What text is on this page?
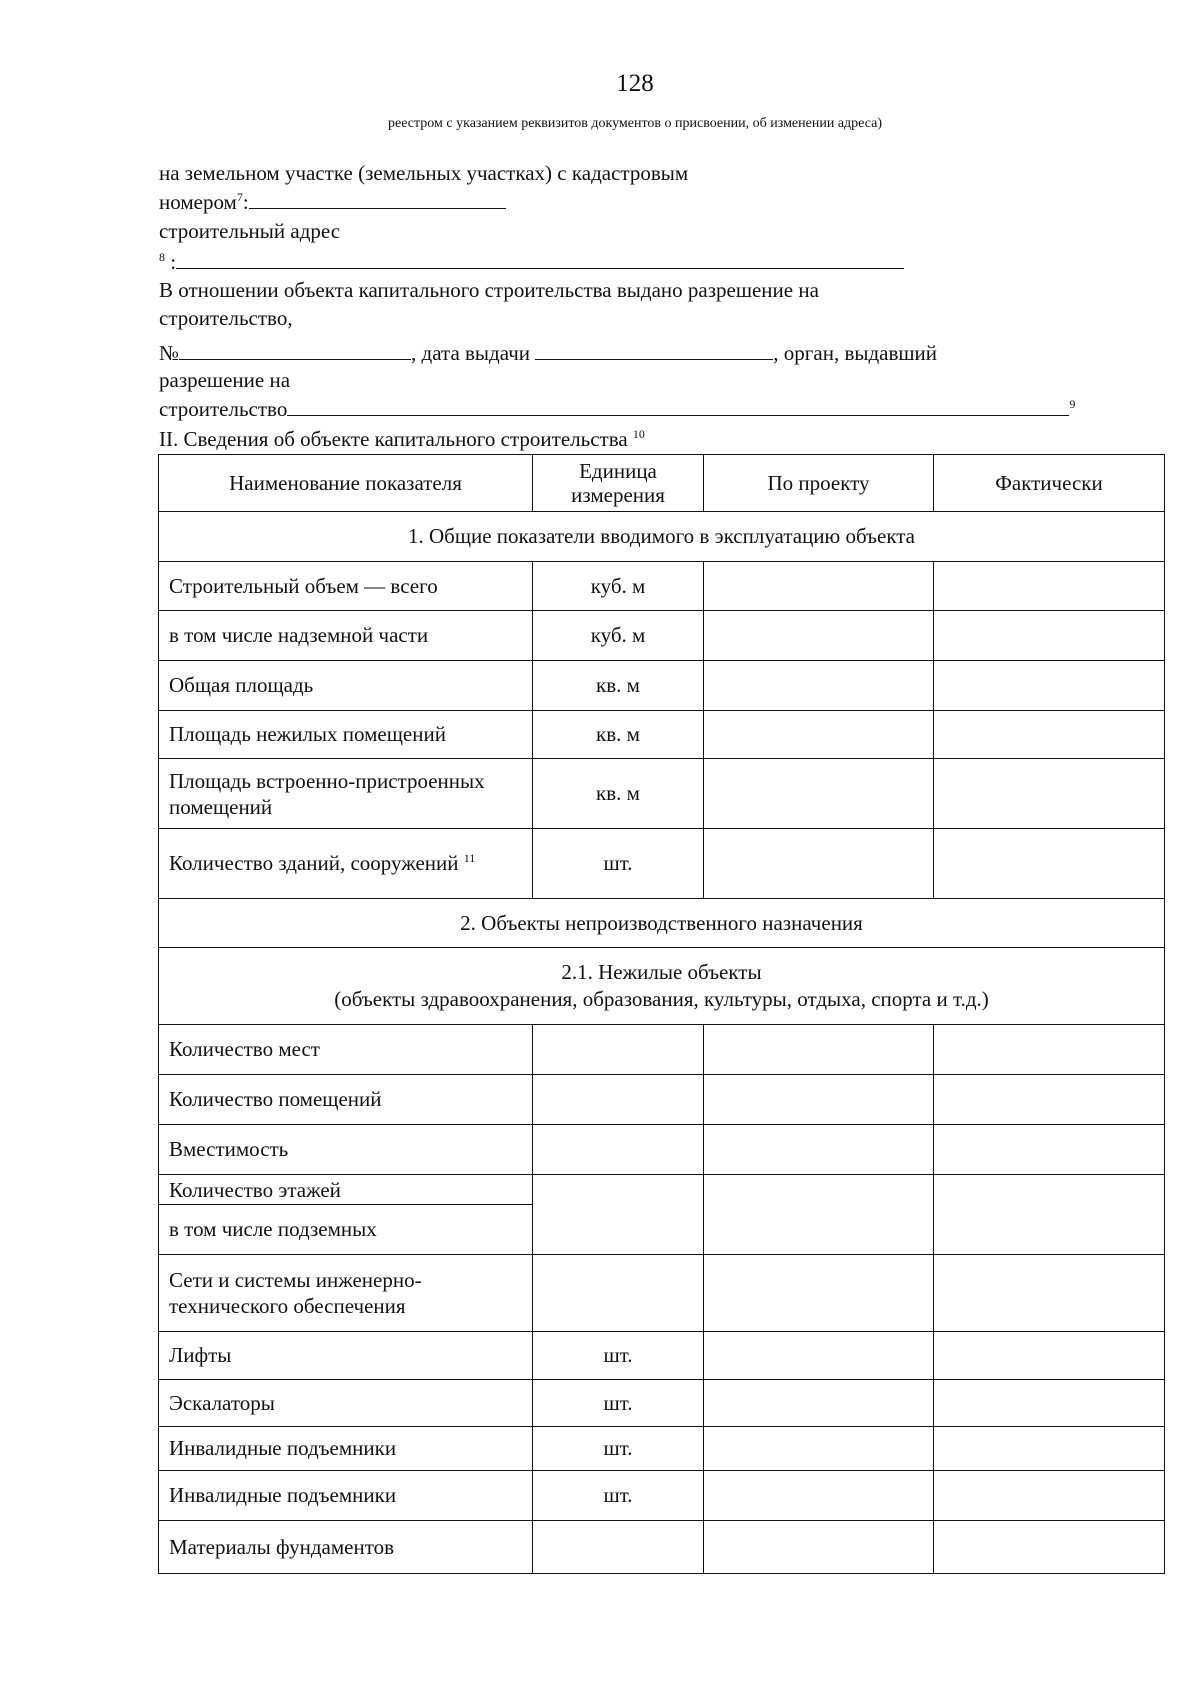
128
реестром с указанием реквизитов документов о присвоении, об изменении адреса)
на земельном участке (земельных участках) с кадастровым
номером$^7$:
строительный адрес
$^8$ :
В отношении объекта капитального строительства выдано разрешение на
строительство,
№	, дата выдачи	, орган, выдавший
разрешение на
строительство	$^9$
II. Сведения об объекте капитального строительства $^{10}$
Наименование показателя	Единица измерения	По проекту	Фактически
1. Общие показатели вводимого в эксплуатацию объекта			
Строительный объем — всего	куб. м		
в том числе надземной части	куб. м		
Общая площадь	кв. м		
Площадь нежилых помещений	кв. м		
Площадь встроенно-пристроенных помещений	кв. м		
Количество зданий, сооружений $^{11}$	шт.		
2. Объекты непроизводственного назначения			

2.1. Нежилые объекты
(объекты здравоохранения, образования, культуры, отдыха, спорта и т.д.)			

Количество мест			
Количество помещений			
Вместимость			

Количество этажей
в том числе подземных			

Сети и системы инженерно-технического обеспечения			
Лифты	шт.		
Эскалаторы	шт.		
Инвалидные подъемники	шт.		
Инвалидные подъемники	шт.		
Материалы фундаментов			
